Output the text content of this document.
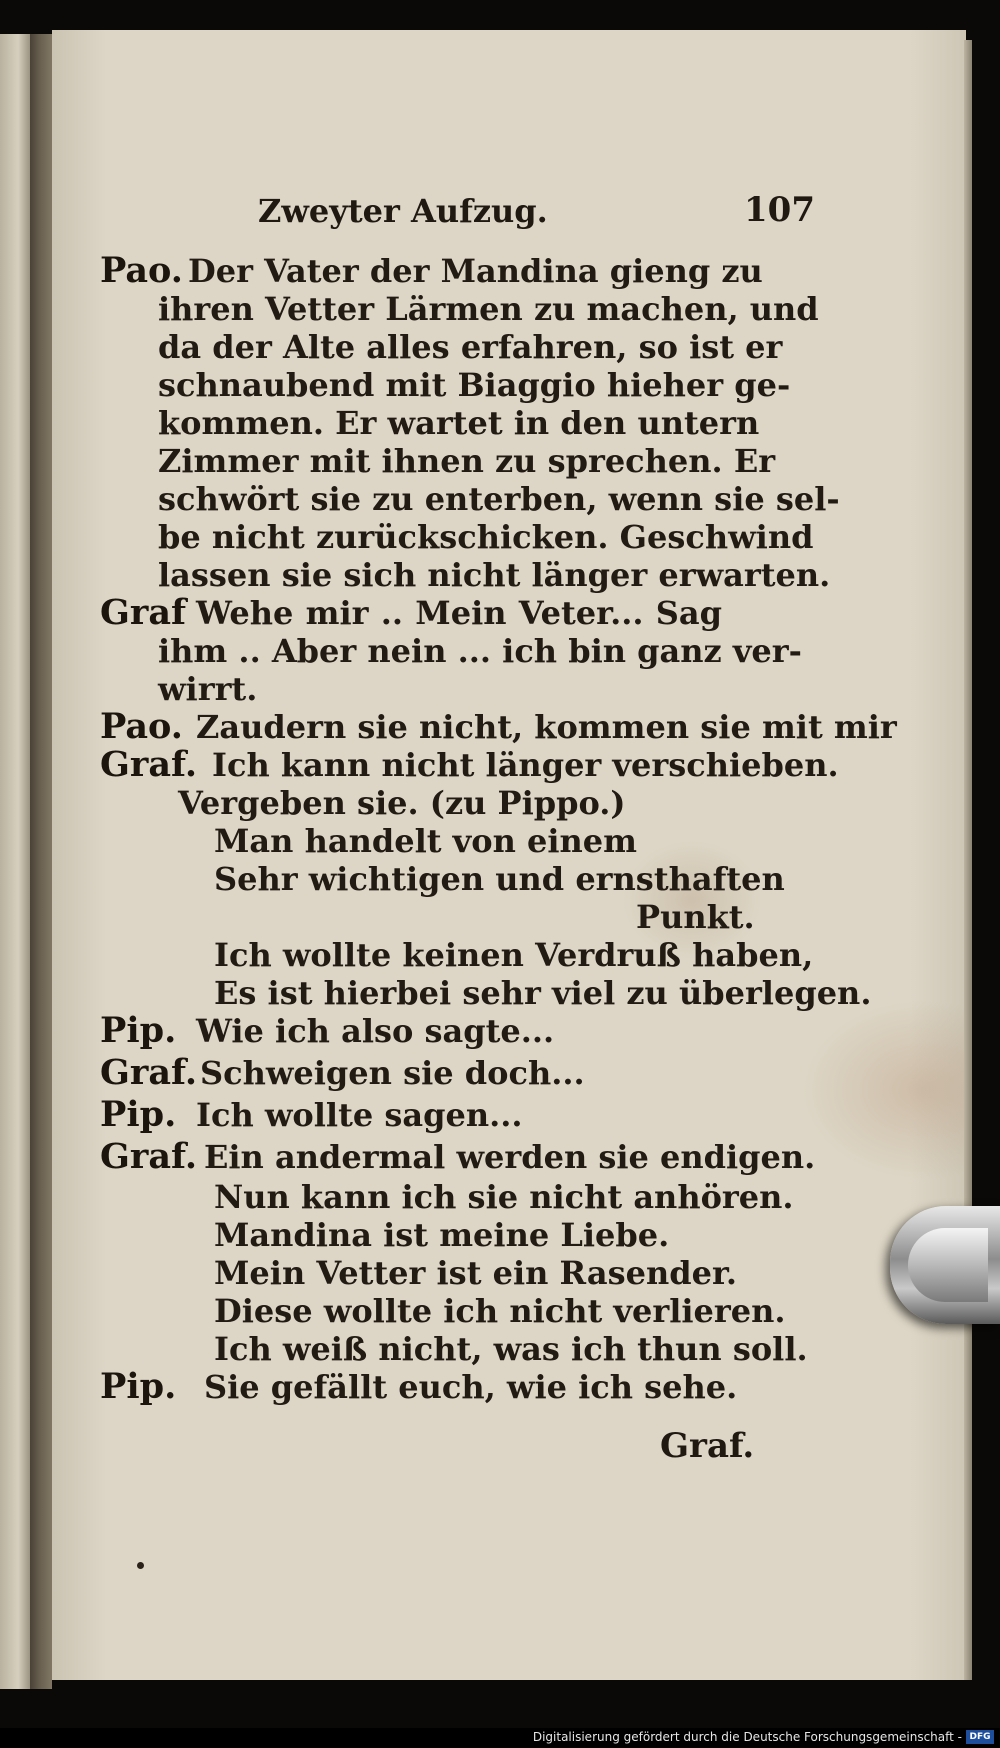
Zweyter Aufzug.	107
Pao. Der Vater der Mandina gieng zu
ihren Vetter Lärmen zu machen, und
da der Alte alles erfahren, so ist er
schnaubend mit Biaggio hieher ge-
kommen. Er wartet in den untern
Zimmer mit ihnen zu sprechen. Er
schwört sie zu enterben, wenn sie sel-
be nicht zurückschicken. Geschwind
lassen sie sich nicht länger erwarten.
Graf Wehe mir .. Mein Veter... Sag
ihm .. Aber nein ... ich bin ganz ver-
wirrt.
Pao. Zaudern sie nicht, kommen sie mit mir
Graf. Ich kann nicht länger verschieben.
Vergeben sie. (zu Pippo.)
Man handelt von einem
Sehr wichtigen und ernsthaften
Punkt.
Ich wollte keinen Verdruß haben,
Es ist hierbei sehr viel zu überlegen.
Pip. Wie ich also sagte...
Graf. Schweigen sie doch...
Pip. Ich wollte sagen...
Graf. Ein andermal werden sie endigen.
Nun kann ich sie nicht anhören.
Mandina ist meine Liebe.
Mein Vetter ist ein Rasender.
Diese wollte ich nicht verlieren.
Ich weiß nicht, was ich thun soll.
Pip. Sie gefällt euch, wie ich sehe.
Graf.
Digitalisierung gefördert durch die Deutsche Forschungsgemeinschaft - DFG
